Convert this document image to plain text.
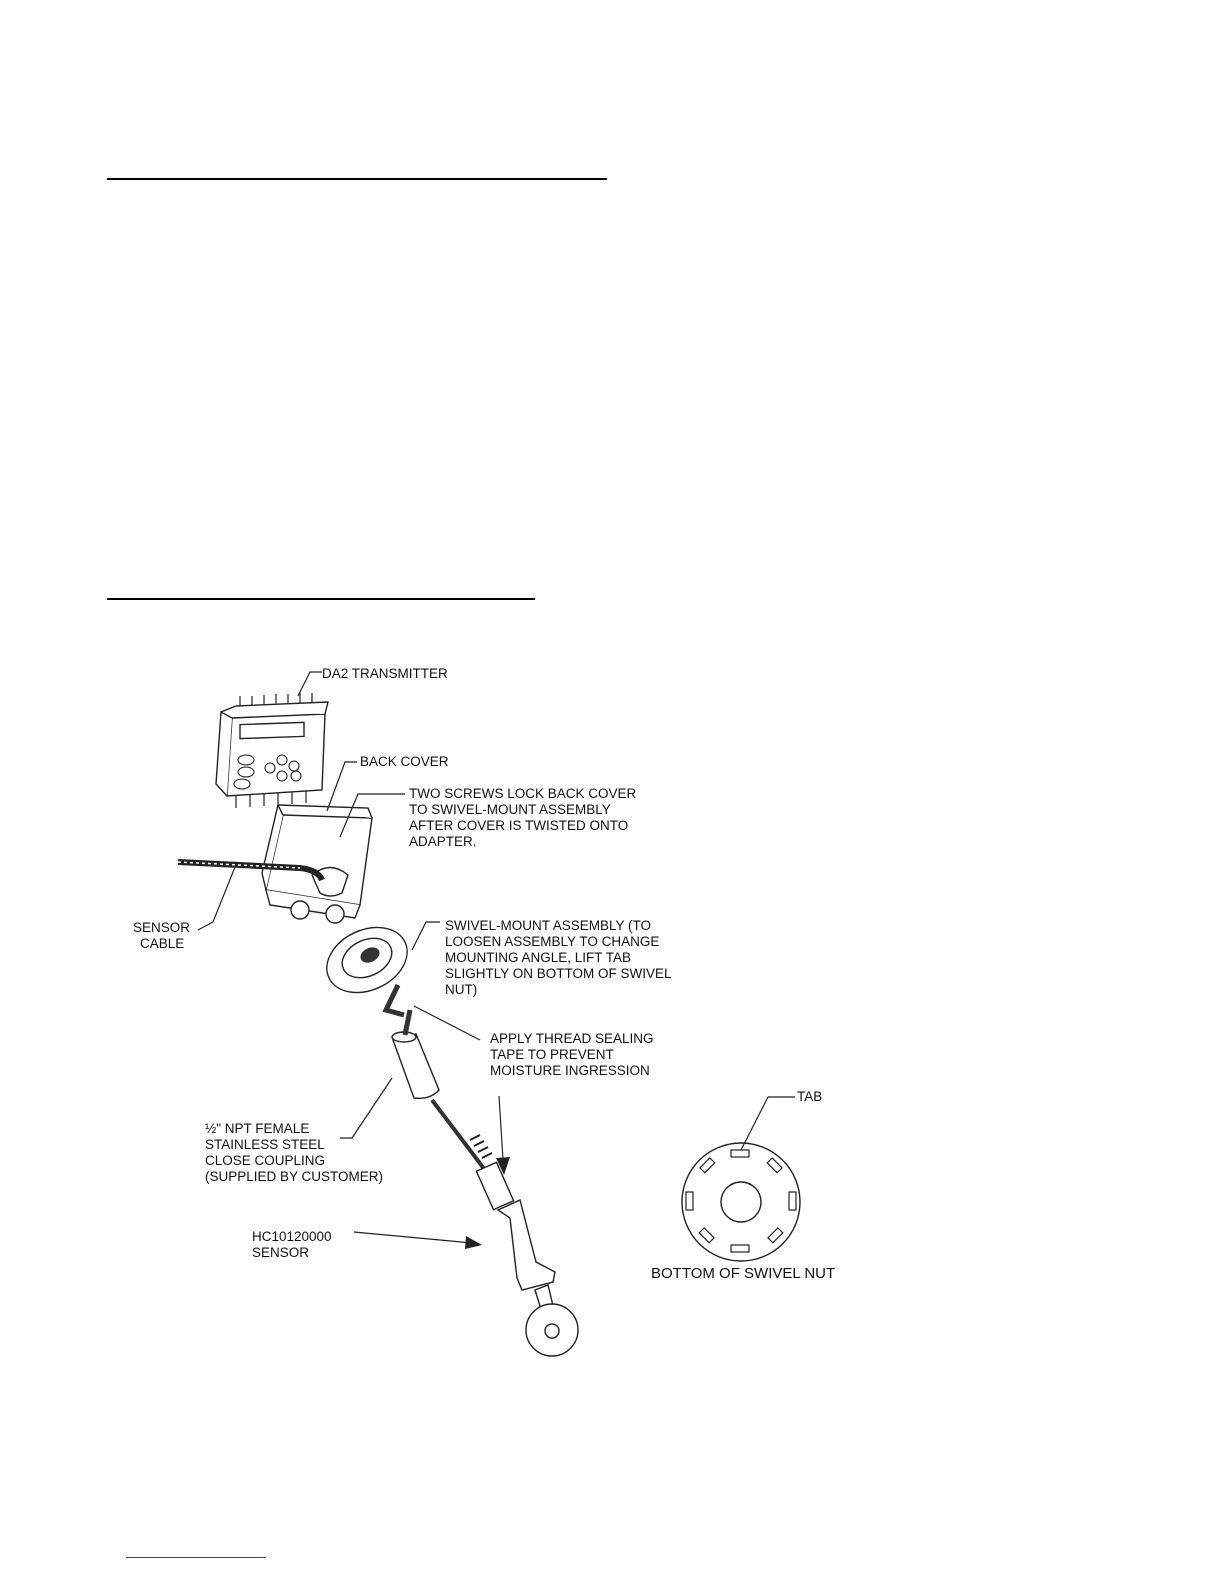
DA2 TRANSMITTER
BACK COVER
TWO SCREWS LOCK BACK COVER
TO SWIVEL-MOUNT ASSEMBLY
AFTER COVER IS TWISTED ONTO
ADAPTER.
SENSOR
CABLE
SWIVEL-MOUNT ASSEMBLY (TO
LOOSEN ASSEMBLY TO CHANGE
MOUNTING ANGLE, LIFT TAB
SLIGHTLY ON BOTTOM OF SWIVEL
NUT)
APPLY THREAD SEALING
TAPE TO PREVENT
MOISTURE INGRESSION
½" NPT FEMALE
STAINLESS STEEL
CLOSE COUPLING
(SUPPLIED BY CUSTOMER)
HC10120000
SENSOR
TAB
BOTTOM OF SWIVEL NUT
